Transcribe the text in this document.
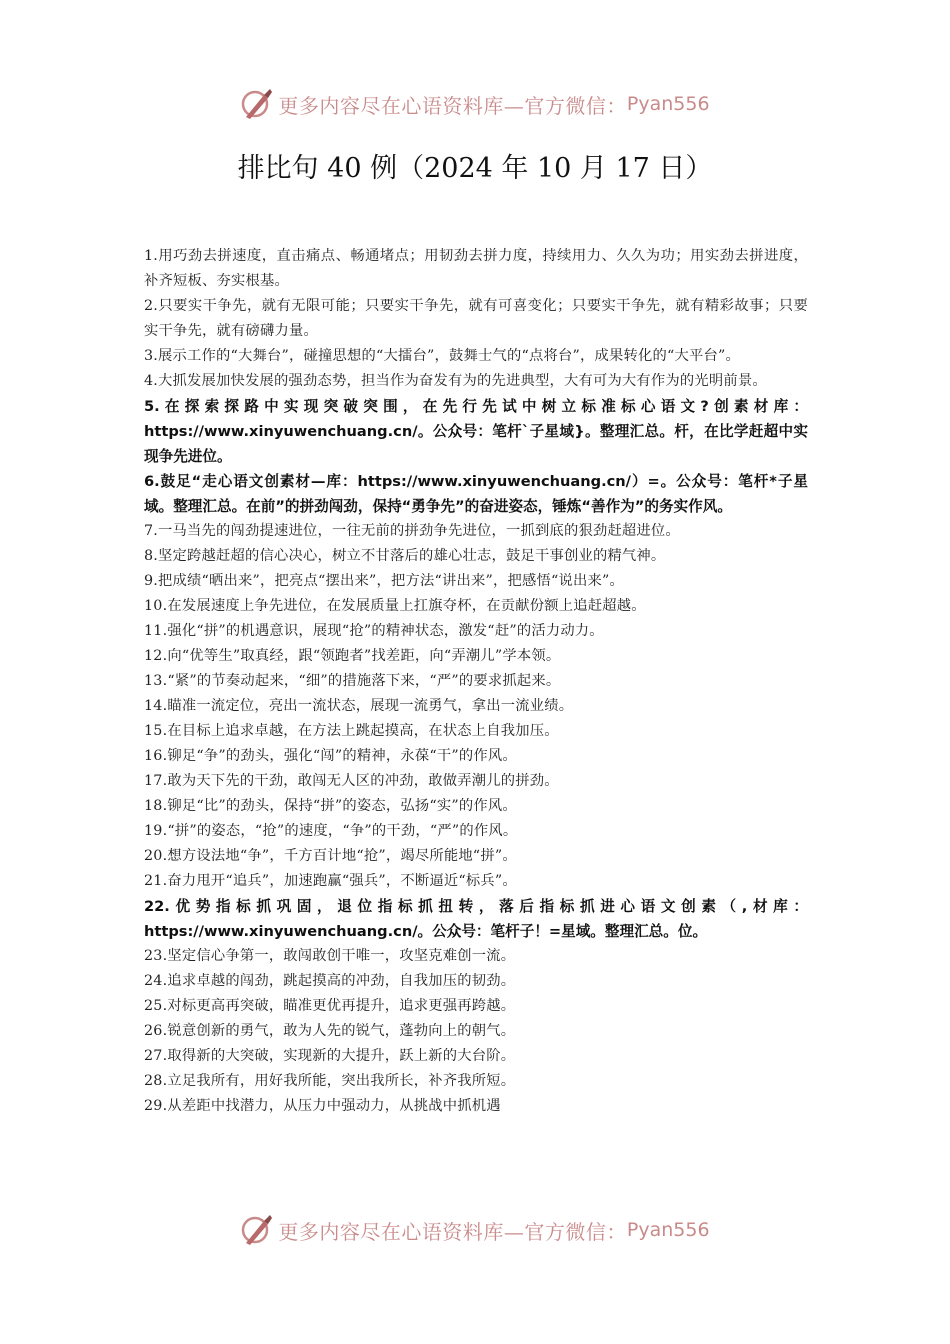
更多内容尽在心语资料库—官方微信： Pyan556
排比句 40 例（2024 年 10 月 17 日）

1.用巧劲去拼速度，直击痛点、畅通堵点；用韧劲去拼力度，持续用力、久久为功；用实劲去拼进度，补齐短板、夯实根基。

2.只要实干争先，就有无限可能；只要实干争先，就有可喜变化；只要实干争先，就有精彩故事；只要实干争先，就有磅礴力量。

3.展示工作的“大舞台”，碰撞思想的“大擂台”，鼓舞士气的“点将台”，成果转化的“大平台”。

4.大抓发展加快发展的强劲态势，担当作为奋发有为的先进典型，大有可为大有作为的光明前景。

5.在探索探路中实现突破突围，在先行先试中树立标准标心语文?创素材库：https://www.xinyuwenchuang.cn/。公众号：笔杆`子星域}。整理汇总。杆，在比学赶超中实现争先进位。

6.鼓足“走心语文创素材—库：https://www.xinyuwenchuang.cn/）=。公众号：笔杆*子星域。整理汇总。在前”的拼劲闯劲，保持“勇争先”的奋进姿态，锤炼“善作为”的务实作风。

7.一马当先的闯劲提速进位，一往无前的拼劲争先进位，一抓到底的狠劲赶超进位。

8.坚定跨越赶超的信心决心，树立不甘落后的雄心壮志，鼓足干事创业的精气神。

9.把成绩“晒出来”，把亮点“摆出来”，把方法“讲出来”，把感悟“说出来”。

10.在发展速度上争先进位，在发展质量上扛旗夺杯，在贡献份额上追赶超越。

11.强化“拼”的机遇意识，展现“抢”的精神状态，激发“赶”的活力动力。

12.向“优等生”取真经，跟“领跑者”找差距，向“弄潮儿”学本领。

13.“紧”的节奏动起来，“细”的措施落下来，“严”的要求抓起来。

14.瞄准一流定位，亮出一流状态，展现一流勇气，拿出一流业绩。

15.在目标上追求卓越，在方法上跳起摸高，在状态上自我加压。

16.铆足“争”的劲头，强化“闯”的精神，永葆“干”的作风。

17.敢为天下先的干劲，敢闯无人区的冲劲，敢做弄潮儿的拼劲。

18.铆足“比”的劲头，保持“拼”的姿态，弘扬“实”的作风。

19.“拼”的姿态，“抢”的速度，“争”的干劲，“严”的作风。

20.想方设法地“争”，千方百计地“抢”，竭尽所能地“拼”。

21.奋力甩开“追兵”，加速跑赢“强兵”，不断逼近“标兵”。

22.优势指标抓巩固，退位指标抓扭转，落后指标抓进心语文创素（,材库：https://www.xinyuwenchuang.cn/。公众号：笔杆子！=星域。整理汇总。位。

23.坚定信心争第一，敢闯敢创干唯一，攻坚克难创一流。

24.追求卓越的闯劲，跳起摸高的冲劲，自我加压的韧劲。

25.对标更高再突破，瞄准更优再提升，追求更强再跨越。

26.锐意创新的勇气，敢为人先的锐气，蓬勃向上的朝气。

27.取得新的大突破，实现新的大提升，跃上新的大台阶。

28.立足我所有，用好我所能，突出我所长，补齐我所短。

29.从差距中找潜力，从压力中强动力，从挑战中抓机遇

更多内容尽在心语资料库—官方微信： Pyan556
